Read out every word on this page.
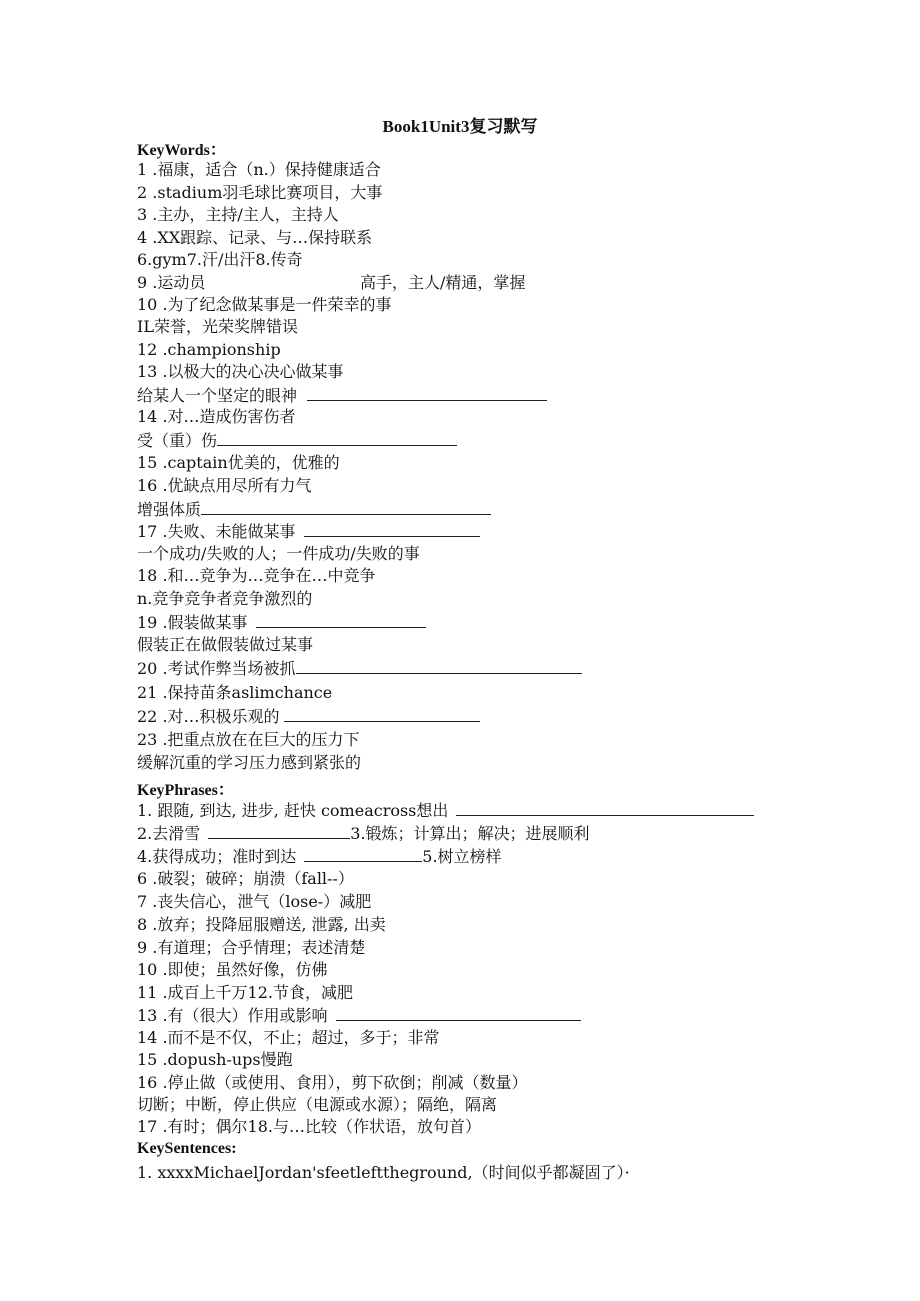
Book1Unit3复习默写
KeyWords：
1 .福康，适合（n.）保持健康适合
2 .stadium羽毛球比赛项目，大事
3 .主办，主持/主人，主持人
4 .XX跟踪、记录、与…保持联系
6.gym7.汗/出汗8.传奇
9 .运动员	高手，主人/精通，掌握
10 .为了纪念做某事是一件荣幸的事
IL荣誉，光荣奖牌错误
12 .championship
13 .以极大的决心决心做某事
给某人一个坚定的眼神
14 .对…造成伤害伤者
受（重）伤
15 .captain优美的，优雅的
16 .优缺点用尽所有力气
增强体质
17 .失败、未能做某事
一个成功/失败的人；一件成功/失败的事
18 .和…竞争为…竞争在…中竞争
n.竞争竞争者竞争激烈的
19 .假装做某事
假装正在做假装做过某事
20 .考试作弊当场被抓
21 .保持苗条aslimchance
22 .对…积极乐观的
23 .把重点放在在巨大的压力下
缓解沉重的学习压力感到紧张的
KeyPhrases：
1. 跟随, 到达, 进步, 赶快 comeacross想出
2.去滑雪	3.锻炼；计算出；解决；进展顺利
4.获得成功；准时到达	5.树立榜样
6 .破裂；破碎；崩溃（fall--）
7 .丧失信心，泄气（lose-）减肥
8 .放弃；投降屈服赠送, 泄露, 出卖
9 .有道理；合乎情理；表述清楚
10 .即使；虽然好像，仿佛
11 .成百上千万12.节食，减肥
13 .有（很大）作用或影响
14 .而不是不仅，不止；超过，多于；非常
15 .dopush-ups慢跑
16 .停止做（或使用、食用），剪下砍倒；削减（数量）
切断；中断，停止供应（电源或水源）；隔绝，隔离
17 .有时；偶尔18.与…比较（作状语，放句首）
KeySentences:
1. xxxxMichaelJordan'sfeetlefttheground,（时间似乎都凝固了）·
